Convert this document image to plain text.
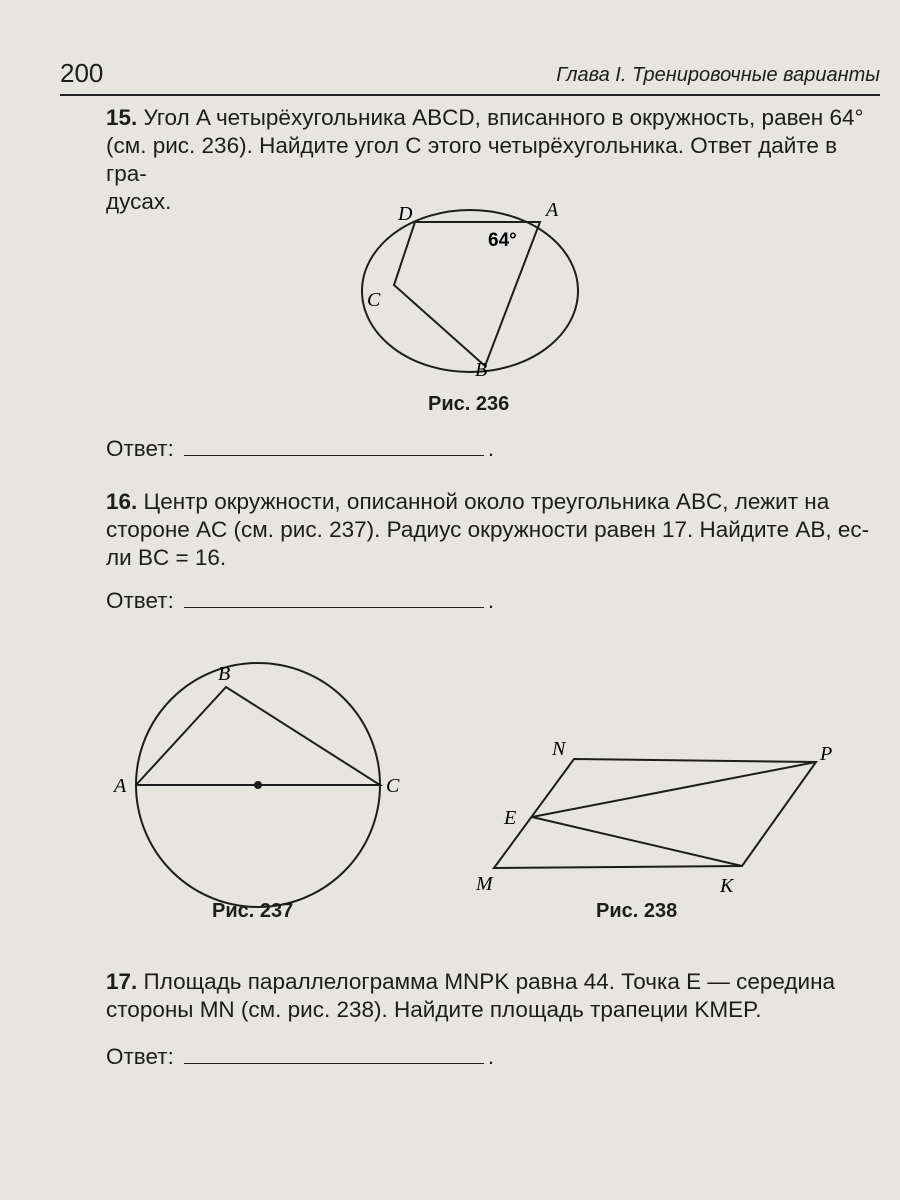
200	Глава I. Тренировочные варианты
15. Угол A четырёхугольника ABCD, вписанного в окружность, равен 64°
(см. рис. 236). Найдите угол C этого четырёхугольника. Ответ дайте в гра-
дусах.	D	A
C
B
64°
A
B
C
M
N	P
K
E
Рис. 236
Ответ:	.
16. Центр окружности, описанной около треугольника ABC, лежит на
стороне AC (см. рис. 237). Радиус окружности равен 17. Найдите AB, ес-
ли BC = 16.
Ответ:	.
Рис. 237	Рис. 238
17. Площадь параллелограмма MNPK равна 44. Точка E — середина
стороны MN (см. рис. 238). Найдите площадь трапеции KMEP.
Ответ:	.
